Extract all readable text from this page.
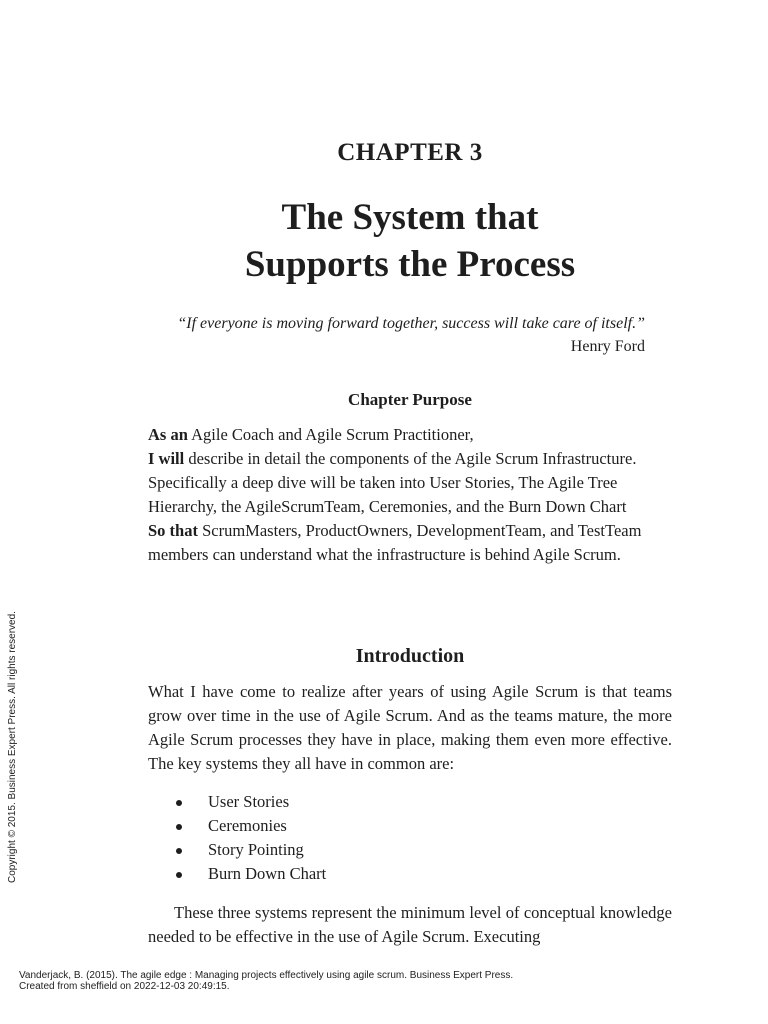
CHAPTER 3
The System that
Supports the Process
“If everyone is moving forward together, success will take care of itself.”
Henry Ford
Chapter Purpose

As an Agile Coach and Agile Scrum Practitioner,

I will describe in detail the components of the Agile Scrum Infrastructure. Specifically a deep dive will be taken into User Stories, The Agile Tree Hierarchy, the AgileScrumTeam, Ceremonies, and the Burn Down Chart

So that ScrumMasters, ProductOwners, DevelopmentTeam, and TestTeam members can understand what the infrastructure is behind Agile Scrum.

Introduction

What I have come to realize after years of using Agile Scrum is that teams grow over time in the use of Agile Scrum. And as the teams mature, the more Agile Scrum processes they have in place, making them even more effective. The key systems they all have in common are:

User Stories
Ceremonies
Story Pointing
Burn Down Chart

These three systems represent the minimum level of conceptual knowledge needed to be effective in the use of Agile Scrum. Executing

Copyright © 2015. Business Expert Press. All rights reserved.
Vanderjack, B. (2015). The agile edge : Managing projects effectively using agile scrum. Business Expert Press.
Created from sheffield on 2022-12-03 20:49:15.
